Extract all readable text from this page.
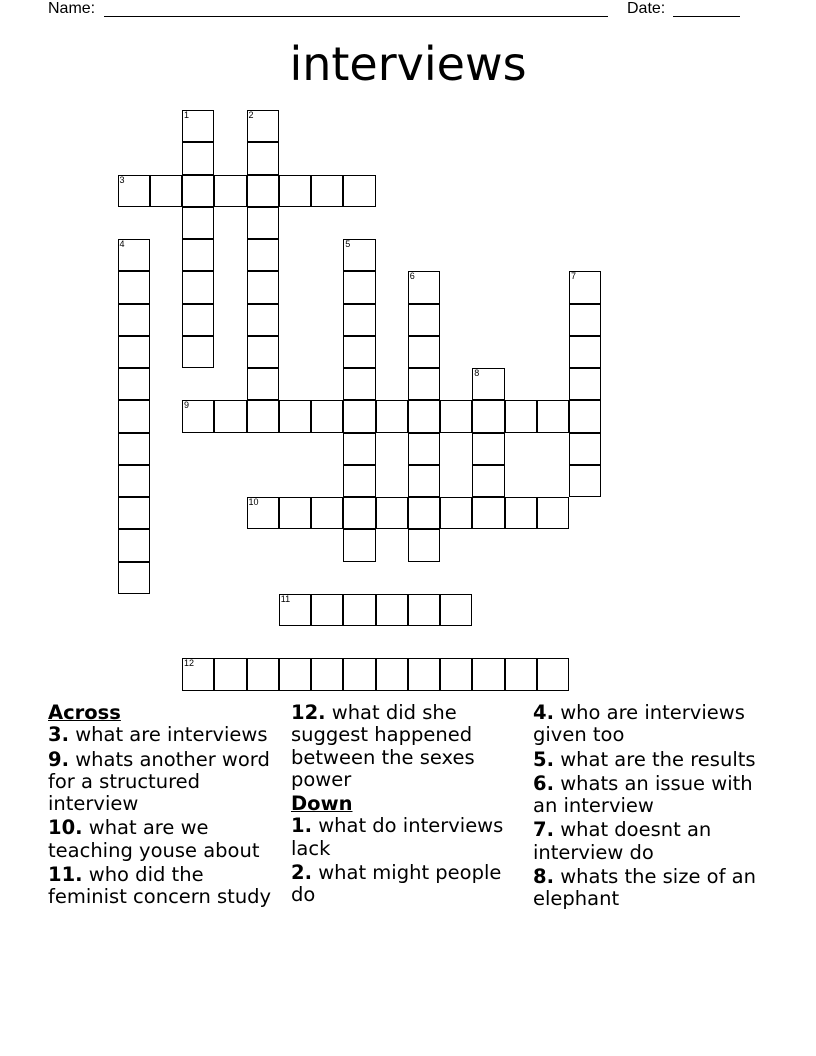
Name:	Date:
interviews
1	2
3
4	5
6	7
8
9
10
11
12
Across
3. what are interviews
9. whats another word for a structured interview
10. what are we teaching youse about
11. who did the feminist concern study
12. what did she suggest happened between the sexes power
Down
1. what do interviews lack
2. what might people do
4. who are interviews given too
5. what are the results
6. whats an issue with an interview
7. what doesnt an interview do
8. whats the size of an elephant
